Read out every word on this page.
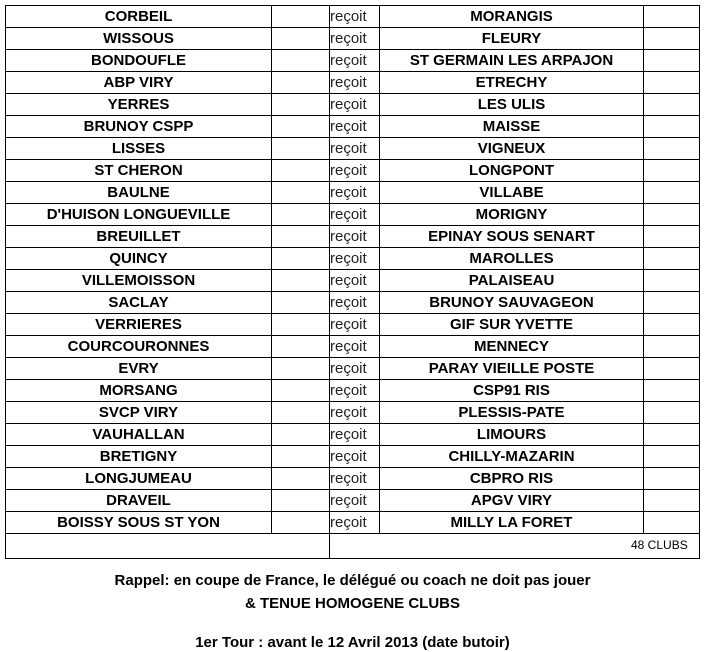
CORBEIL		reçoit	MORANGIS	
WISSOUS		reçoit	FLEURY	
BONDOUFLE		reçoit	ST GERMAIN LES ARPAJON	
ABP VIRY		reçoit	ETRECHY	
YERRES		reçoit	LES ULIS	
BRUNOY CSPP		reçoit	MAISSE	
LISSES		reçoit	VIGNEUX	
ST CHERON		reçoit	LONGPONT	
BAULNE		reçoit	VILLABE	
D'HUISON LONGUEVILLE		reçoit	MORIGNY	
BREUILLET		reçoit	EPINAY SOUS SENART	
QUINCY		reçoit	MAROLLES	
VILLEMOISSON		reçoit	PALAISEAU	
SACLAY		reçoit	BRUNOY SAUVAGEON	
VERRIERES		reçoit	GIF SUR YVETTE	
COURCOURONNES		reçoit	MENNECY	
EVRY		reçoit	PARAY VIEILLE POSTE	
MORSANG		reçoit	CSP91 RIS	
SVCP VIRY		reçoit	PLESSIS-PATE	
VAUHALLAN		reçoit	LIMOURS	
BRETIGNY		reçoit	CHILLY-MAZARIN	
LONGJUMEAU		reçoit	CBPRO RIS	
DRAVEIL		reçoit	APGV VIRY	
BOISSY SOUS ST YON		reçoit	MILLY LA FORET	

48 CLUBS
Rappel: en coupe de France, le délégué ou coach ne doit pas jouer
& TENUE HOMOGENE CLUBS
1er Tour : avant le 12 Avril 2013 (date butoir)
